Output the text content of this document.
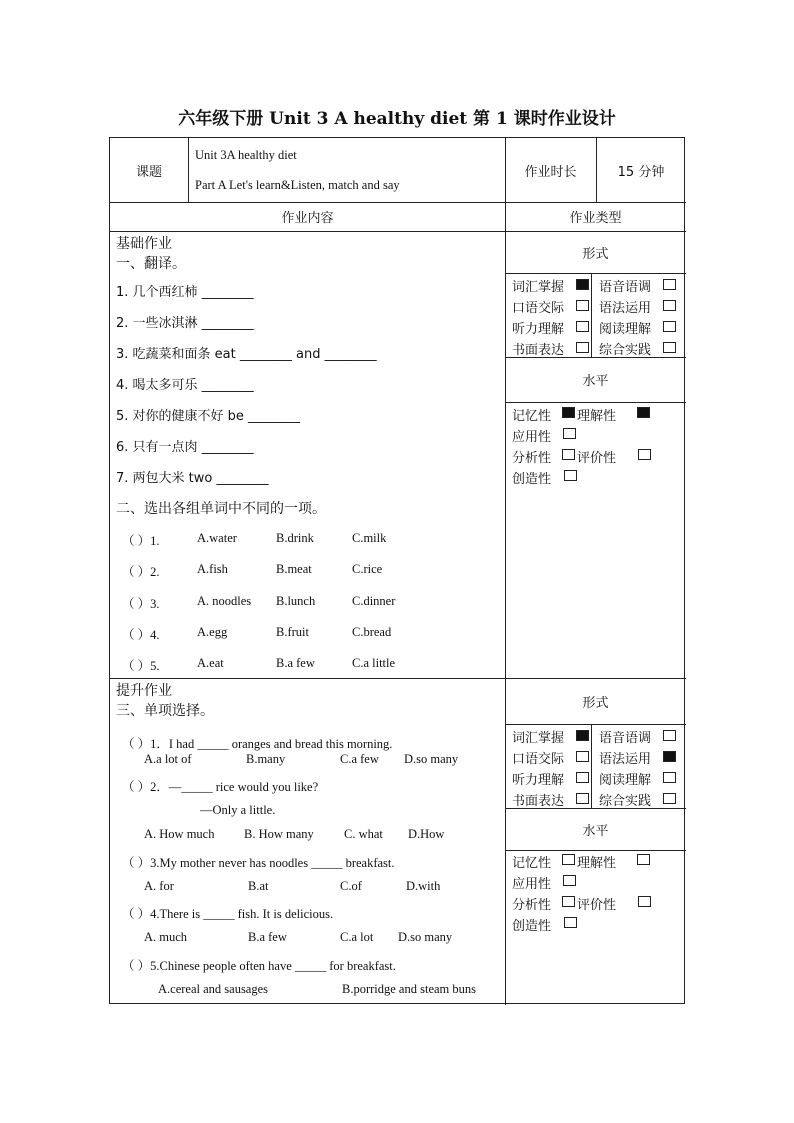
六年级下册 Unit 3 A healthy diet 第 1 课时作业设计
课题
Unit 3A healthy diet
Part A Let's learn&Listen, match and say
作业时长	15 分钟
作业内容	作业类型
基础作业
一、翻译。
1. 几个西红柿 ________
2. 一些冰淇淋 ________
3. 吃蔬菜和面条 eat ________ and ________
4. 喝太多可乐 ________
5. 对你的健康不好 be ________
6. 只有一点肉 ________
7. 两包大米 two ________
二、选出各组单词中不同的一项。
（ ）1.	A.water	B.drink	C.milk
（ ）2.	A.fish	B.meat	C.rice
（ ）3.	A. noodles B.lunch	C.dinner
（ ）4.	A.egg	B.fruit	C.bread
（ ）5.	A.eat	B.a few	C.a little
提升作业
三、单项选择。
（ ）1．I had _____ oranges and bread this morning.
A.a lot of	B.many	C.a few D.so many
（ ）2．—_____ rice would you like?
—Only a little.
A. How much B. How many C. what D.How
（ ）3.My mother never has noodles _____ breakfast.
A. for	B.at	C.of	D.with
（ ）4.There is _____ fish. It is delicious.
A. much	B.a few	C.a lot D.so many
（ ）5.Chinese people often have _____ for breakfast.
A.cereal and sausages	B.porridge and steam buns
形式
水平
形式
水平
词汇掌握	语音语调
口语交际	语法运用
听力理解	阅读理解
书面表达	综合实践
记忆性 理解性
应用性
分析性 评价性
创造性
词汇掌握	语音语调
口语交际	语法运用
听力理解	阅读理解
书面表达	综合实践
记忆性 理解性
应用性
分析性 评价性
创造性
